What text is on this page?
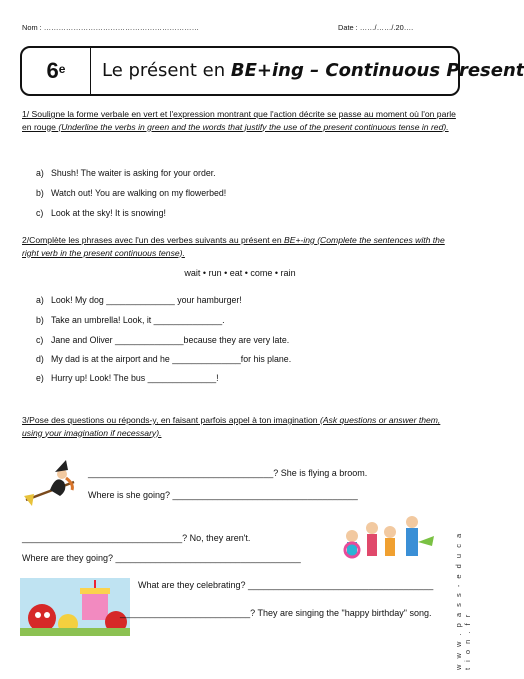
Nom : ………………………………………………………	Date : ……/……/.20….
6 e Le présent en BE+ing – Continuous Present
1/ Souligne la forme verbale en vert et l'expression montrant que l'action décrite se passe au moment où l'on parle en rouge (Underline the verbs in green and the words that justify the use of the present continuous tense in red).
a) Shush! The waiter is asking for your order.
b) Watch out! You are walking on my flowerbed!
c) Look at the sky! It is snowing!
2/Complète les phrases avec l'un des verbes suivants au présent en BE+-ing (Complete the sentences with the right verb in the present continuous tense).
wait • run • eat • come • rain
a) Look! My dog ______________ your hamburger!
b) Take an umbrella! Look, it ______________.
c) Jane and Oliver ______________because they are very late.
d) My dad is at the airport and he ______________for his plane.
e) Hurry up! Look! The bus ______________!
3/Pose des questions ou réponds-y, en faisant parfois appel à ton imagination (Ask questions or answer them, using your imagination if necessary).
_____________________________________? She is flying a broom.
Where is she going? _____________________________________
________________________________? No, they aren't.
Where are they going? _____________________________________
What are they celebrating? _____________________________________
__________________________? They are singing the "happy birthday" song.	w w w . p a s s - e d u c a t i o n . f r
